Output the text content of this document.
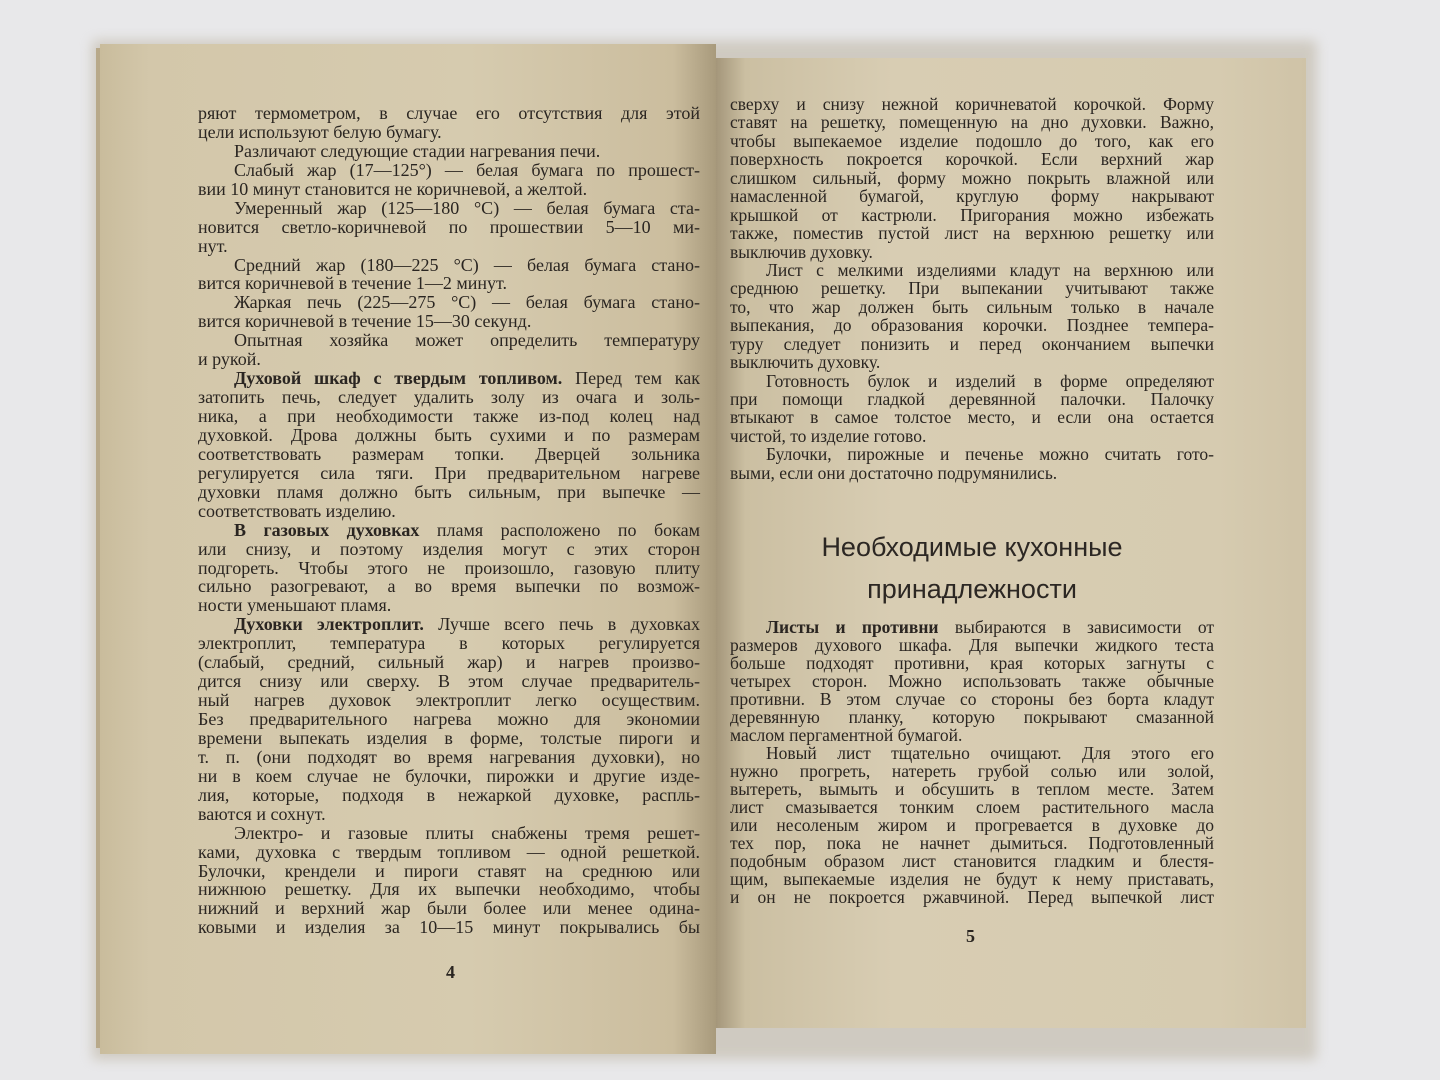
ряют термометром, в случае его отсутствия для этой
цели используют белую бумагу.
Различают следующие стадии нагревания печи.
Слабый жар (17—125°) — белая бумага по прошест-
вии 10 минут становится не коричневой, а желтой.
Умеренный жар (125—180 °С) — белая бумага ста-
новится светло-коричневой по прошествии 5—10 ми-
нут.
Средний жар (180—225 °С) — белая бумага стано-
вится коричневой в течение 1—2 минут.
Жаркая печь (225—275 °С) — белая бумага стано-
вится коричневой в течение 15—30 секунд.
Опытная хозяйка может определить температуру
и рукой.
Духовой шкаф с твердым топливом. Перед тем как
затопить печь, следует удалить золу из очага и золь-
ника, а при необходимости также из-под колец над
духовкой. Дрова должны быть сухими и по размерам
соответствовать размерам топки. Дверцей зольника
регулируется сила тяги. При предварительном нагреве
духовки пламя должно быть сильным, при выпечке —
соответствовать изделию.
В газовых духовках пламя расположено по бокам
или снизу, и поэтому изделия могут с этих сторон
подгореть. Чтобы этого не произошло, газовую плиту
сильно разогревают, а во время выпечки по возмож-
ности уменьшают пламя.
Духовки электроплит. Лучше всего печь в духовках
электроплит, температура в которых регулируется
(слабый, средний, сильный жар) и нагрев произво-
дится снизу или сверху. В этом случае предваритель-
ный нагрев духовок электроплит легко осуществим.
Без предварительного нагрева можно для экономии
времени выпекать изделия в форме, толстые пироги и
т. п. (они подходят во время нагревания духовки), но
ни в коем случае не булочки, пирожки и другие изде-
лия, которые, подходя в нежаркой духовке, распль-
ваются и сохнут.
Электро- и газовые плиты снабжены тремя решет-
ками, духовка с твердым топливом — одной решеткой.
Булочки, крендели и пироги ставят на среднюю или
нижнюю решетку. Для их выпечки необходимо, чтобы
нижний и верхний жар были более или менее одина-
ковыми и изделия за 10—15 минут покрывались бы
сверху и снизу нежной коричневатой корочкой. Форму
ставят на решетку, помещенную на дно духовки. Важно,
чтобы выпекаемое изделие подошло до того, как его
поверхность покроется корочкой. Если верхний жар
слишком сильный, форму можно покрыть влажной или
намасленной бумагой, круглую форму накрывают
крышкой от кастрюли. Пригорания можно избежать
также, поместив пустой лист на верхнюю решетку или
выключив духовку.
Лист с мелкими изделиями кладут на верхнюю или
среднюю решетку. При выпекании учитывают также
то, что жар должен быть сильным только в начале
выпекания, до образования корочки. Позднее темпера-
туру следует понизить и перед окончанием выпечки
выключить духовку.
Готовность булок и изделий в форме определяют
при помощи гладкой деревянной палочки. Палочку
втыкают в самое толстое место, и если она остается
чистой, то изделие готово.
Булочки, пирожные и печенье можно считать гото-
выми, если они достаточно подрумянились.
Необходимые кухонные
принадлежности
Листы и противни выбираются в зависимости от
размеров духового шкафа. Для выпечки жидкого теста
больше подходят противни, края которых загнуты с
четырех сторон. Можно использовать также обычные
противни. В этом случае со стороны без борта кладут
деревянную планку, которую покрывают смазанной
маслом пергаментной бумагой.
Новый лист тщательно очищают. Для этого его
нужно прогреть, натереть грубой солью или золой,
вытереть, вымыть и обсушить в теплом месте. Затем
лист смазывается тонким слоем растительного масла
или несоленым жиром и прогревается в духовке до
тех пор, пока не начнет дымиться. Подготовленный
подобным образом лист становится гладким и блестя-
щим, выпекаемые изделия не будут к нему приставать,
и он не покроется ржавчиной. Перед выпечкой лист
4
5
